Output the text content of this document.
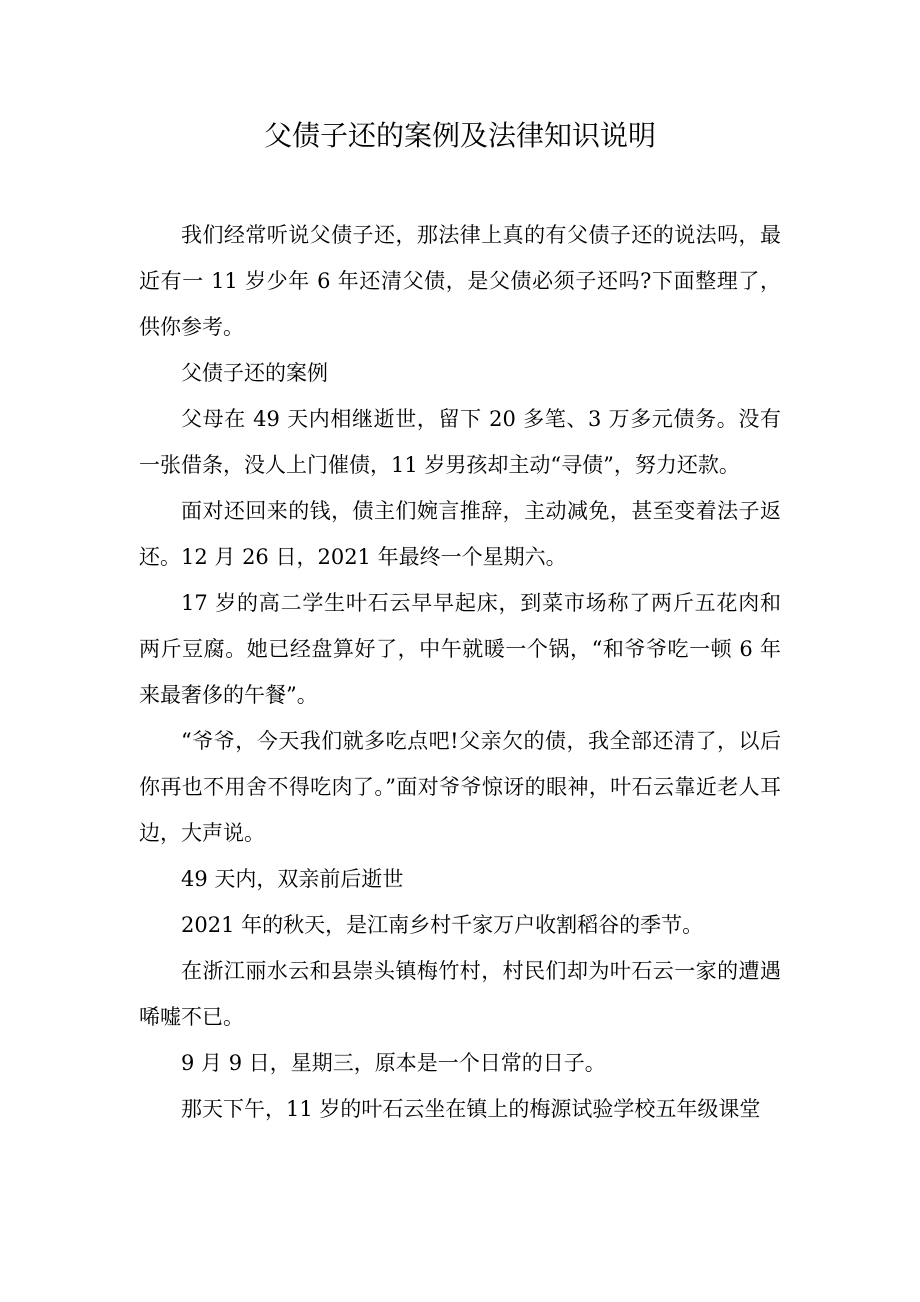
父债子还的案例及法律知识说明

我们经常听说父债子还，那法律上真的有父债子还的说法吗，最近有一 11 岁少年 6 年还清父债，是父债必须子还吗?下面整理了，供你参考。

父债子还的案例

父母在 49 天内相继逝世，留下 20 多笔、3 万多元债务。没有一张借条，没人上门催债，11 岁男孩却主动“寻债”，努力还款。

面对还回来的钱，债主们婉言推辞，主动减免，甚至变着法子返还。12 月 26 日，2021 年最终一个星期六。

17 岁的高二学生叶石云早早起床，到菜市场称了两斤五花肉和两斤豆腐。她已经盘算好了，中午就暖一个锅，“和爷爷吃一顿 6 年来最奢侈的午餐”。

“爷爷，今天我们就多吃点吧!父亲欠的债，我全部还清了，以后你再也不用舍不得吃肉了。”面对爷爷惊讶的眼神，叶石云靠近老人耳边，大声说。

49 天内，双亲前后逝世

2021 年的秋天，是江南乡村千家万户收割稻谷的季节。

在浙江丽水云和县崇头镇梅竹村，村民们却为叶石云一家的遭遇唏嘘不已。

9 月 9 日，星期三，原本是一个日常的日子。

那天下午，11 岁的叶石云坐在镇上的梅源试验学校五年级课堂
